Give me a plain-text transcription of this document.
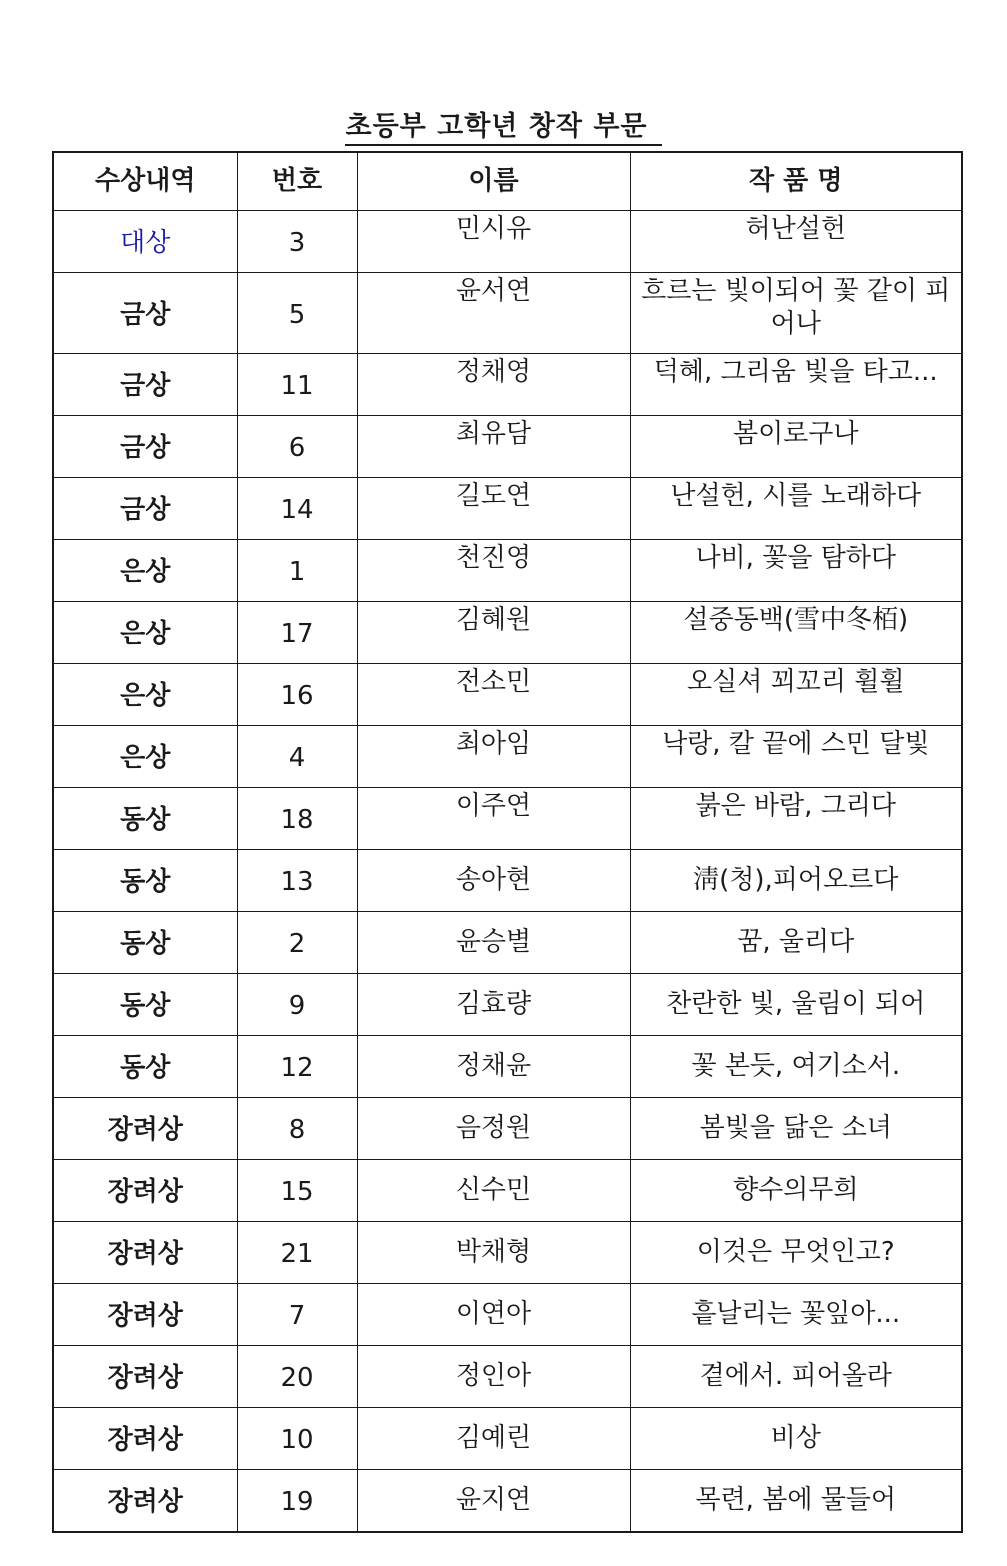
초등부 고학년 창작 부문
수상내역	번호	이름	작 품 명
대상	3	민시유	허난설헌
금상	5	윤서연	흐르는 빛이되어 꽃 같이 피어나
금상	11	정채영	덕혜, 그리움 빛을 타고...
금상	6	최유담	봄이로구나
금상	14	길도연	난설헌, 시를 노래하다
은상	1	천진영	나비, 꽃을 탐하다
은상	17	김혜원	설중동백(雪中冬栢)
은상	16	전소민	오실셔 꾀꼬리 휠휠
은상	4	최아임	낙랑, 칼 끝에 스민 달빛
동상	18	이주연	붉은 바람, 그리다
동상	13	송아현	淸(청),피어오르다
동상	2	윤승별	꿈, 울리다
동상	9	김효량	찬란한 빛, 울림이 되어
동상	12	정채윤	꽃 본듯, 여기소서.
장려상	8	음정원	봄빛을 닮은 소녀
장려상	15	신수민	향수의무희
장려상	21	박채형	이것은 무엇인고?
장려상	7	이연아	흩날리는 꽃잎아...
장려상	20	정인아	곁에서. 피어올라
장려상	10	김예린	비상
장려상	19	윤지연	목련, 봄에 물들어
